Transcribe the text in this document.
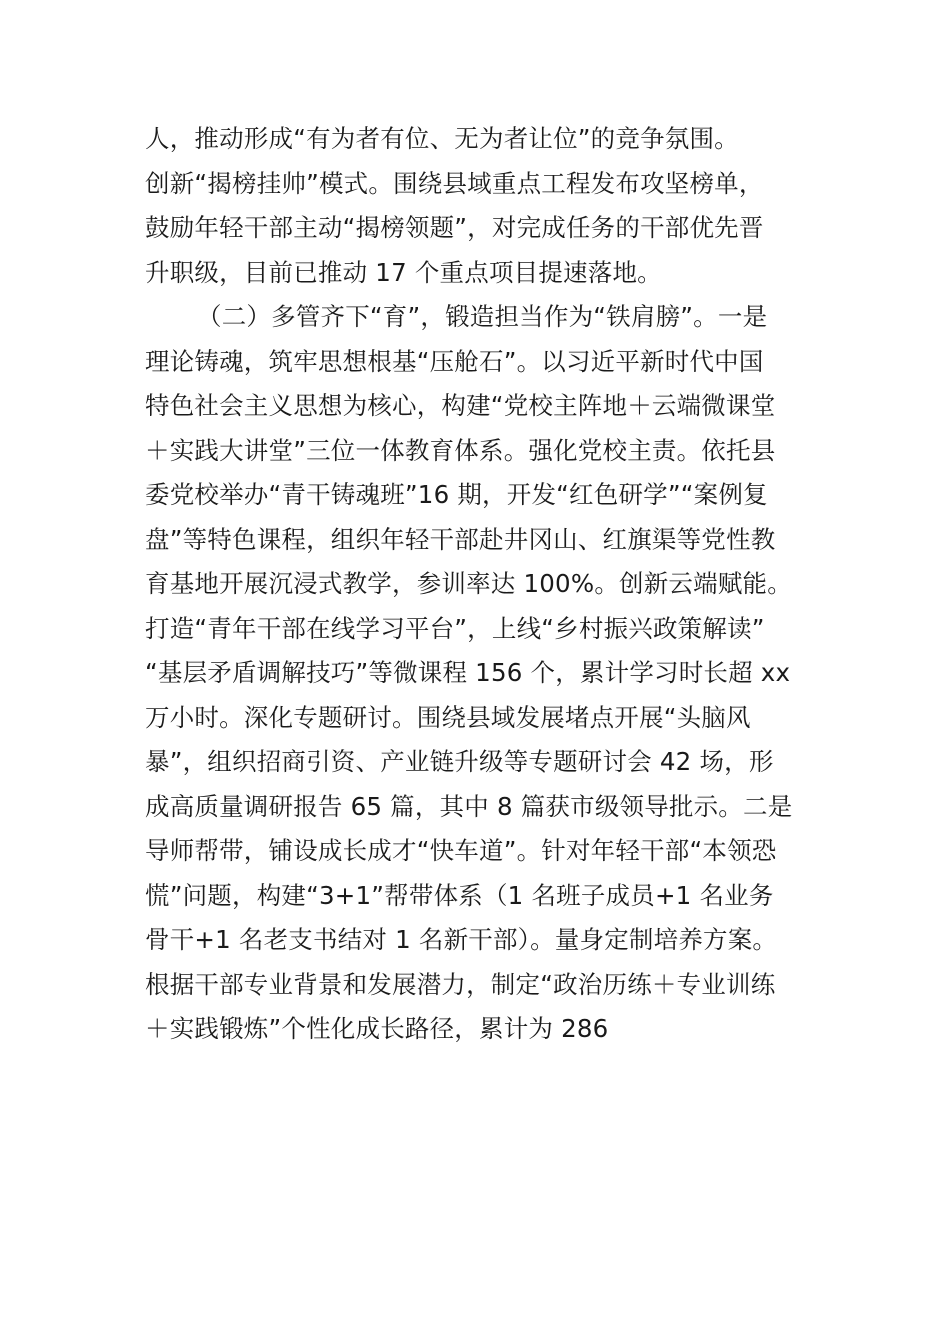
人，推动形成“有为者有位、无为者让位”的竞争氛围。
创新“揭榜挂帅”模式。围绕县域重点工程发布攻坚榜单，
鼓励年轻干部主动“揭榜领题”，对完成任务的干部优先晋
升职级，目前已推动 17 个重点项目提速落地。
（二）多管齐下“育”，锻造担当作为“铁肩膀”。一是
理论铸魂，筑牢思想根基“压舱石”。以习近平新时代中国
特色社会主义思想为核心，构建“党校主阵地＋云端微课堂
＋实践大讲堂”三位一体教育体系。强化党校主责。依托县
委党校举办“青干铸魂班”16 期，开发“红色研学”“案例复
盘”等特色课程，组织年轻干部赴井冈山、红旗渠等党性教
育基地开展沉浸式教学，参训率达 100%。创新云端赋能。
打造“青年干部在线学习平台”，上线“乡村振兴政策解读”
“基层矛盾调解技巧”等微课程 156 个，累计学习时长超 xx
万小时。深化专题研讨。围绕县域发展堵点开展“头脑风
暴”，组织招商引资、产业链升级等专题研讨会 42 场，形
成高质量调研报告 65 篇，其中 8 篇获市级领导批示。二是
导师帮带，铺设成长成才“快车道”。针对年轻干部“本领恐
慌”问题，构建“3+1”帮带体系（1 名班子成员+1 名业务
骨干+1 名老支书结对 1 名新干部）。量身定制培养方案。
根据干部专业背景和发展潜力，制定“政治历练＋专业训练
＋实践锻炼”个性化成长路径，累计为 286
